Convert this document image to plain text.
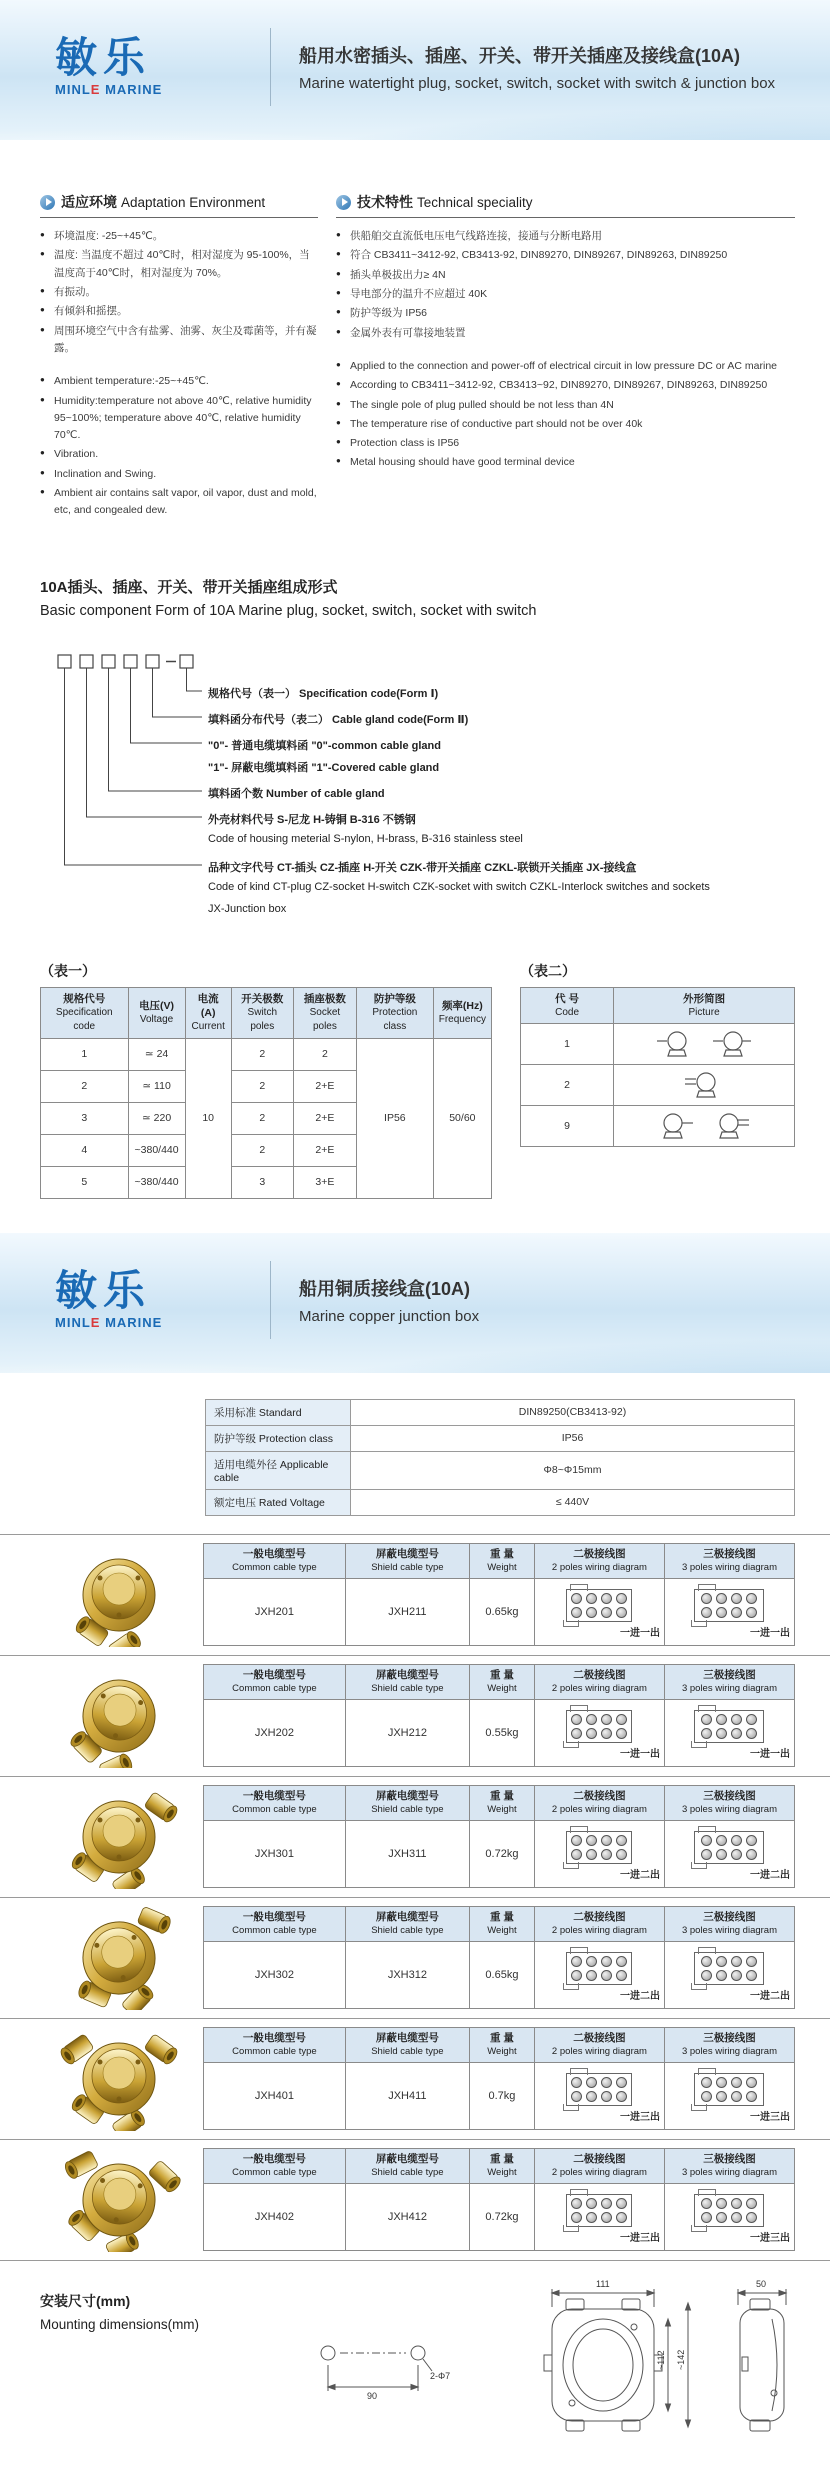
敏乐
MINLE MARINE
船用水密插头、插座、开关、带开关插座及接线盒(10A)
Marine watertight plug, socket, switch, socket with switch & junction box
适应环境 Adaptation Environment
● 环境温度: -25~+45℃。
● 温度: 当温度不超过 40℃时，相对湿度为 95-100%，当温度高于40℃时，相对湿度为 70%。
● 有振动。
● 有倾斜和摇摆。
● 周围环境空气中含有盐雾、油雾、灰尘及霉菌等，并有凝露。
● Ambient temperature:-25~+45℃.
● Humidity:temperature not above 40℃, relative humidity 95~100%; temperature above 40℃, relative humidity 70℃.
● Vibration.
● Inclination and Swing.
● Ambient air contains salt vapor, oil vapor, dust and mold, etc, and congealed dew.
技术特性 Technical speciality
● 供船舶交直流低电压电气线路连接，接通与分断电路用
● 符合 CB3411~3412-92, CB3413-92, DIN89270, DIN89267, DIN89263, DIN89250
● 插头单极拔出力≥ 4N
● 导电部分的温升不应超过 40K
● 防护等级为 IP56
● 金属外表有可靠接地装置
● Applied to the connection and power-off of electrical circuit in low pressure DC or AC marine
● According to CB3411~3412-92, CB3413~92, DIN89270, DIN89267, DIN89263, DIN89250
● The single pole of plug pulled should be not less than 4N
● The temperature rise of conductive part should not be over 40k
● Protection class is IP56
● Metal housing should have good terminal device
10A插头、插座、开关、带开关插座组成形式
Basic component Form of 10A Marine plug, socket, switch, socket with switch
规格代号（表一） Specification code(Form Ⅰ)
填料函分布代号（表二） Cable gland code(Form Ⅱ)
"0"- 普通电缆填料函 "0"-common cable gland
"1"- 屏蔽电缆填料函 "1"-Covered cable gland
填料函个数 Number of cable gland
外壳材料代号 S-尼龙 H-铸铜 B-316 不锈钢
Code of housing meterial S-nylon, H-brass, B-316 stainless steel
品种文字代号 CT-插头 CZ-插座 H-开关 CZK-带开关插座 CZKL-联锁开关插座 JX-接线盒
Code of kind CT-plug CZ-socket H-switch CZK-socket with switch CZKL-Interlock switches and sockets
JX-Junction box
（表一）
规格代号
Specification code	电压(V)
Voltage	电流(A)
Current	开关极数
Switch poles	插座极数
Socket poles	防护等级
Protection class	频率(Hz)
Frequency
1	≃ 24	10	2	2	IP56	50/60
2	≃ 110		2	2+E		
3	≃ 220		2	2+E		
4	~380/440		2	2+E		
5	~380/440		3	3+E		
（表二）
代 号
Code	外形简图
Picture
1	

2	

9	
敏乐
MINLE MARINE
船用铜质接线盒(10A)
Marine copper junction box
采用标准 Standard	DIN89250(CB3413-92)
防护等级 Protection class	IP56
适用电缆外径 Applicable cable	Φ8~Φ15mm
额定电压 Rated Voltage	≤ 440V
一般电缆型号
Common cable type	屏蔽电缆型号
Shield cable type	重 量
Weight	二极接线图
2 poles wiring diagram	三极接线图
3 poles wiring diagram
JXH201	JXH211	0.65kg	一进一出	一进一出
一般电缆型号
Common cable type	屏蔽电缆型号
Shield cable type	重 量
Weight	二极接线图
2 poles wiring diagram	三极接线图
3 poles wiring diagram
JXH202	JXH212	0.55kg	一进一出	一进一出
一般电缆型号
Common cable type	屏蔽电缆型号
Shield cable type	重 量
Weight	二极接线图
2 poles wiring diagram	三极接线图
3 poles wiring diagram
JXH301	JXH311	0.72kg	一进二出	一进二出
一般电缆型号
Common cable type	屏蔽电缆型号
Shield cable type	重 量
Weight	二极接线图
2 poles wiring diagram	三极接线图
3 poles wiring diagram
JXH302	JXH312	0.65kg	一进二出	一进二出
一般电缆型号
Common cable type	屏蔽电缆型号
Shield cable type	重 量
Weight	二极接线图
2 poles wiring diagram	三极接线图
3 poles wiring diagram
JXH401	JXH411	0.7kg	一进三出	一进三出
一般电缆型号
Common cable type	屏蔽电缆型号
Shield cable type	重 量
Weight	二极接线图
2 poles wiring diagram	三极接线图
3 poles wiring diagram
JXH402	JXH412	0.72kg	一进三出	一进三出
安装尺寸(mm)
Mounting dimensions(mm)
2-Φ7
90
111
~112 ~142
50
